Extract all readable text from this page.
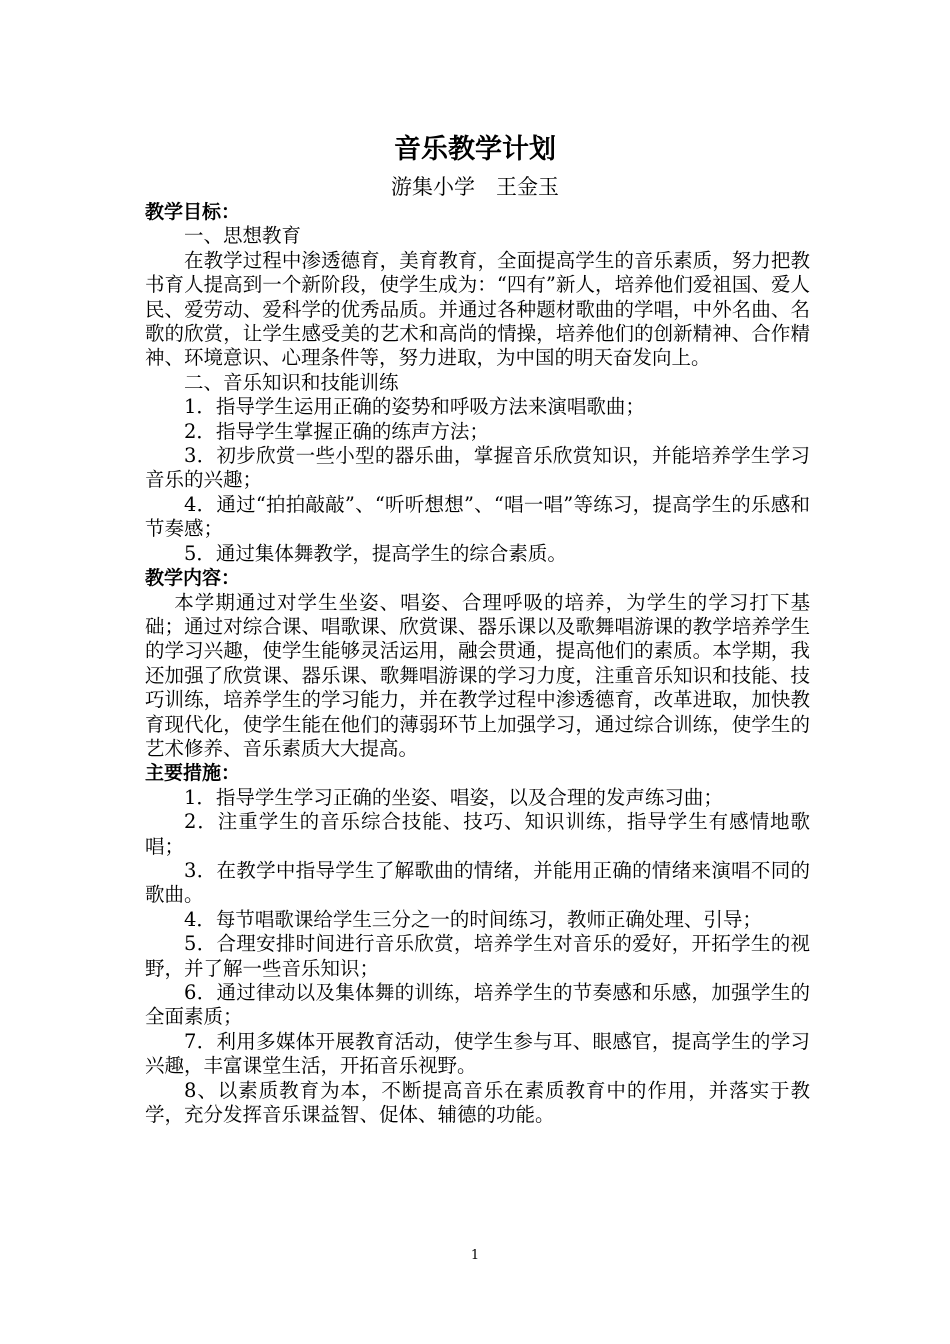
音乐教学计划
游集小学　王金玉

教学目标：

一、思想教育

在教学过程中渗透德育，美育教育，全面提高学生的音乐素质，努力把教书育人提高到一个新阶段，使学生成为：“四有”新人，培养他们爱祖国、爱人民、爱劳动、爱科学的优秀品质。并通过各种题材歌曲的学唱，中外名曲、名歌的欣赏，让学生感受美的艺术和高尚的情操，培养他们的创新精神、合作精神、环境意识、心理条件等，努力进取，为中国的明天奋发向上。

二、音乐知识和技能训练

1．指导学生运用正确的姿势和呼吸方法来演唱歌曲；

2．指导学生掌握正确的练声方法；

3．初步欣赏一些小型的器乐曲，掌握音乐欣赏知识，并能培养学生学习音乐的兴趣；

4．通过“拍拍敲敲”、“听听想想”、“唱一唱”等练习，提高学生的乐感和节奏感；

5．通过集体舞教学，提高学生的综合素质。

教学内容：

本学期通过对学生坐姿、唱姿、合理呼吸的培养，为学生的学习打下基础；通过对综合课、唱歌课、欣赏课、器乐课以及歌舞唱游课的教学培养学生的学习兴趣，使学生能够灵活运用，融会贯通，提高他们的素质。本学期，我还加强了欣赏课、器乐课、歌舞唱游课的学习力度，注重音乐知识和技能、技巧训练，培养学生的学习能力，并在教学过程中渗透德育，改革进取，加快教育现代化，使学生能在他们的薄弱环节上加强学习，通过综合训练，使学生的艺术修养、音乐素质大大提高。

主要措施：

1．指导学生学习正确的坐姿、唱姿，以及合理的发声练习曲；

2．注重学生的音乐综合技能、技巧、知识训练，指导学生有感情地歌唱；

3．在教学中指导学生了解歌曲的情绪，并能用正确的情绪来演唱不同的歌曲。

4．每节唱歌课给学生三分之一的时间练习，教师正确处理、引导；

5．合理安排时间进行音乐欣赏，培养学生对音乐的爱好，开拓学生的视野，并了解一些音乐知识；

6．通过律动以及集体舞的训练，培养学生的节奏感和乐感，加强学生的全面素质；

7．利用多媒体开展教育活动，使学生参与耳、眼感官，提高学生的学习兴趣，丰富课堂生活，开拓音乐视野。

8、以素质教育为本，不断提高音乐在素质教育中的作用，并落实于教学，充分发挥音乐课益智、促体、辅德的功能。

1
